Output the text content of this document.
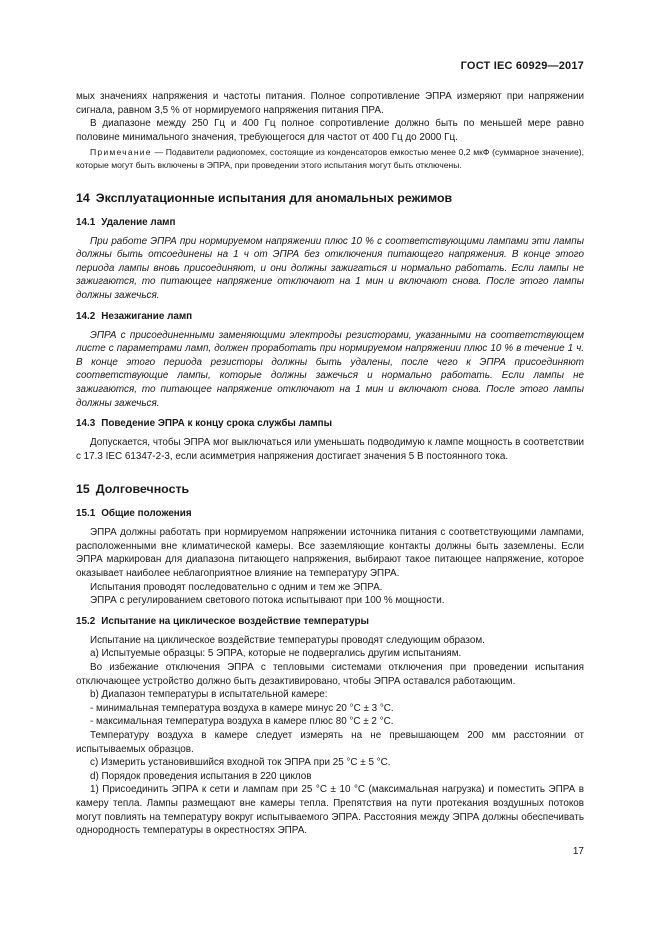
ГОСТ IEC 60929—2017

мых значениях напряжения и частоты питания. Полное сопротивление ЭПРА измеряют при напряжении сигнала, равном 3,5 % от нормируемого напряжения питания ПРА.

В диапазоне между 250 Гц и 400 Гц полное сопротивление должно быть по меньшей мере равно половине минимального значения, требующегося для частот от 400 Гц до 2000 Гц.

Примечание — Подавители радиопомех, состоящие из конденсаторов емкостью менее 0,2 мкФ (суммарное значение), которые могут быть включены в ЭПРА, при проведении этого испытания могут быть отключены.

14 Эксплуатационные испытания для аномальных режимов
14.1 Удаление ламп

При работе ЭПРА при нормируемом напряжении плюс 10 % с соответствующими лампами эти лампы должны быть отсоединены на 1 ч от ЭПРА без отключения питающего напряжения. В конце этого периода лампы вновь присоединяют, и они должны зажигаться и нормально работать. Если лампы не зажигаются, то питающее напряжение отключают на 1 мин и включают снова. После этого лампы должны зажечься.

14.2 Незажигание ламп

ЭПРА с присоединенными заменяющими электроды резисторами, указанными на соответствующем листе с параметрами ламп, должен проработать при нормируемом напряжении плюс 10 % в течение 1 ч. В конце этого периода резисторы должны быть удалены, после чего к ЭПРА присоединяют соответствующие лампы, которые должны зажечься и нормально работать. Если лампы не зажигаются, то питающее напряжение отключают на 1 мин и включают снова. После этого лампы должны зажечься.

14.3 Поведение ЭПРА к концу срока службы лампы

Допускается, чтобы ЭПРА мог выключаться или уменьшать подводимую к лампе мощность в соответствии с 17.3 IEC 61347-2-3, если асимметрия напряжения достигает значения 5 В постоянного тока.

15 Долговечность
15.1 Общие положения

ЭПРА должны работать при нормируемом напряжении источника питания с соответствующими лампами, расположенными вне климатической камеры. Все заземляющие контакты должны быть заземлены. Если ЭПРА маркирован для диапазона питающего напряжения, выбирают такое питающее напряжение, которое оказывает наиболее неблагоприятное влияние на температуру ЭПРА.

Испытания проводят последовательно с одним и тем же ЭПРА.

ЭПРА с регулированием светового потока испытывают при 100 % мощности.

15.2 Испытание на циклическое воздействие температуры

Испытание на циклическое воздействие температуры проводят следующим образом.

a) Испытуемые образцы: 5 ЭПРА, которые не подвергались другим испытаниям.

Во избежание отключения ЭПРА с тепловыми системами отключения при проведении испытания отключающее устройство должно быть дезактивировано, чтобы ЭПРА оставался работающим.

b) Диапазон температуры в испытательной камере:

- минимальная температура воздуха в камере минус 20 °C ± 3 °C.

- максимальная температура воздуха в камере плюс 80 °C ± 2 °C.

Температуру воздуха в камере следует измерять на не превышающем 200 мм расстоянии от испытываемых образцов.

c) Измерить установившийся входной ток ЭПРА при 25 °C ± 5 °C.

d) Порядок проведения испытания в 220 циклов

1) Присоединить ЭПРА к сети и лампам при 25 °C ± 10 °C (максимальная нагрузка) и поместить ЭПРА в камеру тепла. Лампы размещают вне камеры тепла. Препятствия на пути протекания воздушных потоков могут повлиять на температуру вокруг испытываемого ЭПРА. Расстояния между ЭПРА должны обеспечивать однородность температуры в окрестностях ЭПРА.

17
